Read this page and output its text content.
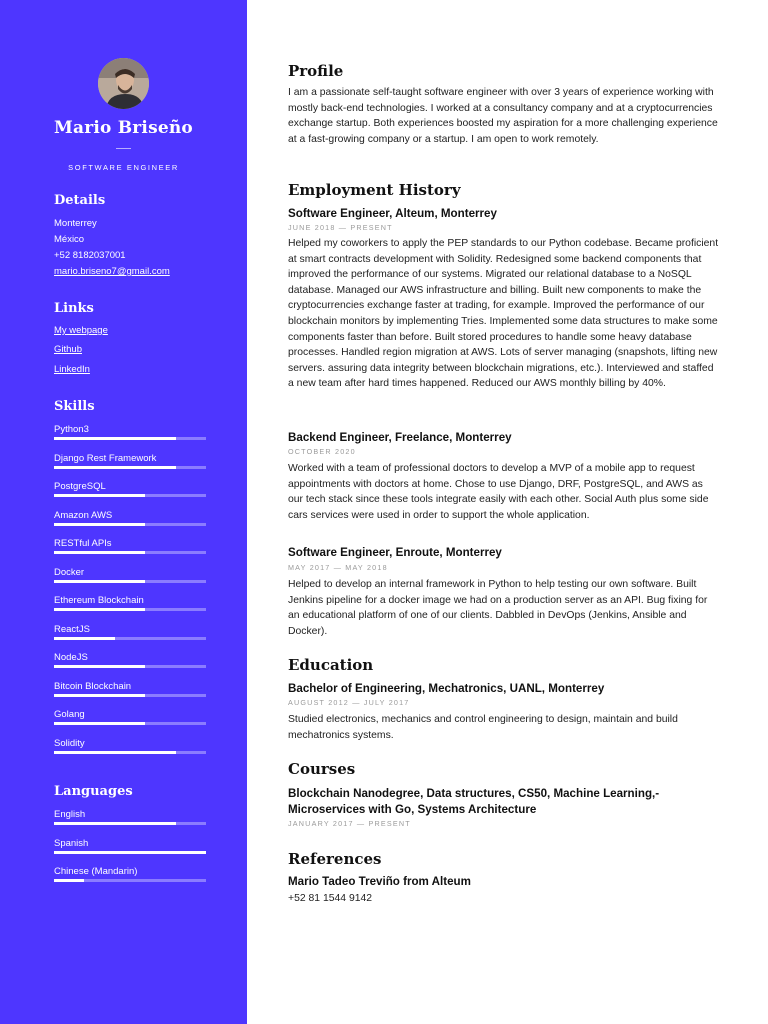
Mario Briseño
SOFTWARE ENGINEER
Details
Monterrey
México
+52 8182037001
mario.briseno7@gmail.com
Links
My webpage
Github
LinkedIn
Skills
Python3
Django Rest Framework
PostgreSQL
Amazon AWS
RESTful APIs
Docker
Ethereum Blockchain
ReactJS
NodeJS
Bitcoin Blockchain
Golang
Solidity
Languages
English
Spanish
Chinese (Mandarin)
Profile
I am a passionate self-taught software engineer with over 3 years of experience working with mostly back-end technologies. I worked at a consultancy company and at a cryptocurrencies exchange startup. Both experiences boosted my aspiration for a more challenging experience at a fast-growing company or a startup. I am open to work remotely.
Employment History
Software Engineer, Alteum, Monterrey
JUNE 2018 — PRESENT
Helped my coworkers to apply the PEP standards to our Python codebase. Became proficient at smart contracts development with Solidity. Redesigned some backend components that improved the performance of our systems. Migrated our relational database to a NoSQL database. Managed our AWS infrastructure and billing. Built new components to make the cryptocurrencies exchange faster at trading, for example. Improved the performance of our blockchain monitors by implementing Tries. Implemented some data structures to make some components faster than before. Built stored procedures to handle some heavy database processes. Handled region migration at AWS. Lots of server managing (snapshots, lifting new servers. assuring data integrity between blockchain migrations, etc.). Interviewed and staffed a new team after hard times happened. Reduced our AWS monthly billing by 40%.
Backend Engineer, Freelance, Monterrey
OCTOBER 2020
Worked with a team of professional doctors to develop a MVP of a mobile app to request appointments with doctors at home. Chose to use Django, DRF, PostgreSQL, and AWS as our tech stack since these tools integrate easily with each other. Social Auth plus some side cars services were used in order to support the whole application.
Software Engineer, Enroute, Monterrey
MAY 2017 — MAY 2018
Helped to develop an internal framework in Python to help testing our own software. Built Jenkins pipeline for a docker image we had on a production server as an API. Bug fixing for an educational platform of one of our clients. Dabbled in DevOps (Jenkins, Ansible and Docker).
Education
Bachelor of Engineering, Mechatronics, UANL, Monterrey
AUGUST 2012 — JULY 2017
Studied electronics, mechanics and control engineering to design, maintain and build mechatronics systems.
Courses
Blockchain Nanodegree, Data structures, CS50, Machine Learning,- Microservices with Go, Systems Architecture
JANUARY 2017 — PRESENT
References
Mario Tadeo Treviño from Alteum
+52 81 1544 9142
